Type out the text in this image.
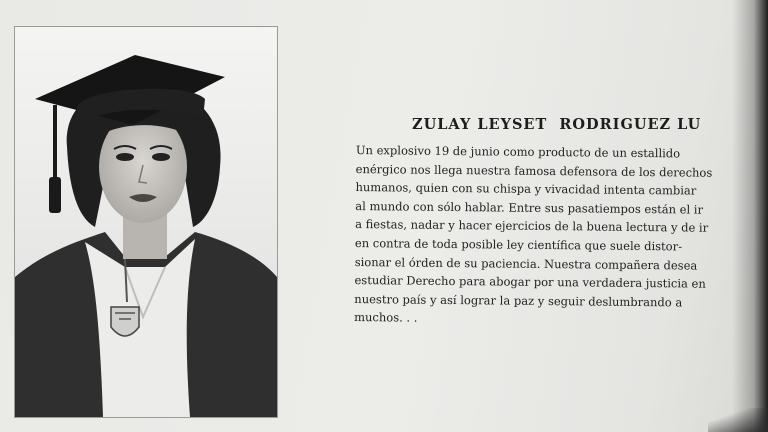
ZULAY LEYSET  RODRIGUEZ LU
Un explosivo 19 de junio como producto de un estallido
enérgico nos llega nuestra famosa defensora de los derechos
humanos, quien con su chispa y vivacidad intenta cambiar
al mundo con sólo hablar. Entre sus pasatiempos están el ir
a fiestas, nadar y hacer ejercicios de la buena lectura y de ir
en contra de toda posible ley científica que suele distor-
sionar el órden de su paciencia. Nuestra compañera desea
estudiar Derecho para abogar por una verdadera justicia en
nuestro país y así lograr la paz y seguir deslumbrando a
muchos. . .
